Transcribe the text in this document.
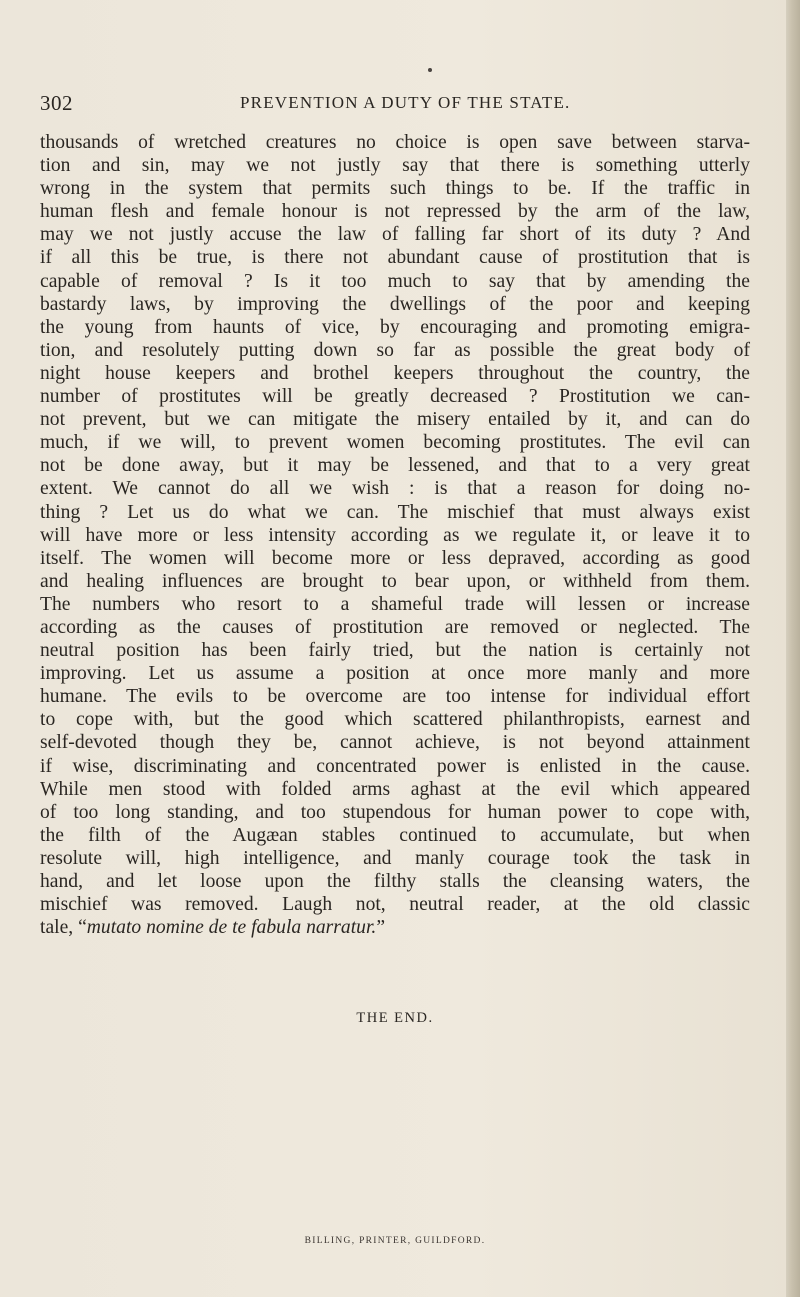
302	PREVENTION A DUTY OF THE STATE.

thousands of wretched creatures no choice is open save between starva-
tion and sin, may we not justly say that there is something utterly
wrong in the system that permits such things to be. If the traffic in
human flesh and female honour is not repressed by the arm of the law,
may we not justly accuse the law of falling far short of its duty ? And
if all this be true, is there not abundant cause of prostitution that is
capable of removal ? Is it too much to say that by amending the
bastardy laws, by improving the dwellings of the poor and keeping
the young from haunts of vice, by encouraging and promoting emigra-
tion, and resolutely putting down so far as possible the great body of
night house keepers and brothel keepers throughout the country, the
number of prostitutes will be greatly decreased ? Prostitution we can-
not prevent, but we can mitigate the misery entailed by it, and can do
much, if we will, to prevent women becoming prostitutes. The evil can
not be done away, but it may be lessened, and that to a very great
extent. We cannot do all we wish : is that a reason for doing no-
thing ? Let us do what we can. The mischief that must always exist
will have more or less intensity according as we regulate it, or leave it to
itself. The women will become more or less depraved, according as good
and healing influences are brought to bear upon, or withheld from them.
The numbers who resort to a shameful trade will lessen or increase
according as the causes of prostitution are removed or neglected. The
neutral position has been fairly tried, but the nation is certainly not
improving. Let us assume a position at once more manly and more
humane. The evils to be overcome are too intense for individual effort
to cope with, but the good which scattered philanthropists, earnest and
self-devoted though they be, cannot achieve, is not beyond attainment
if wise, discriminating and concentrated power is enlisted in the cause.
While men stood with folded arms aghast at the evil which appeared
of too long standing, and too stupendous for human power to cope with,
the filth of the Augæan stables continued to accumulate, but when
resolute will, high intelligence, and manly courage took the task in
hand, and let loose upon the filthy stalls the cleansing waters, the
mischief was removed. Laugh not, neutral reader, at the old classic
tale, “mutato nomine de te fabula narratur.”

THE END.
BILLING, PRINTER, GUILDFORD.
